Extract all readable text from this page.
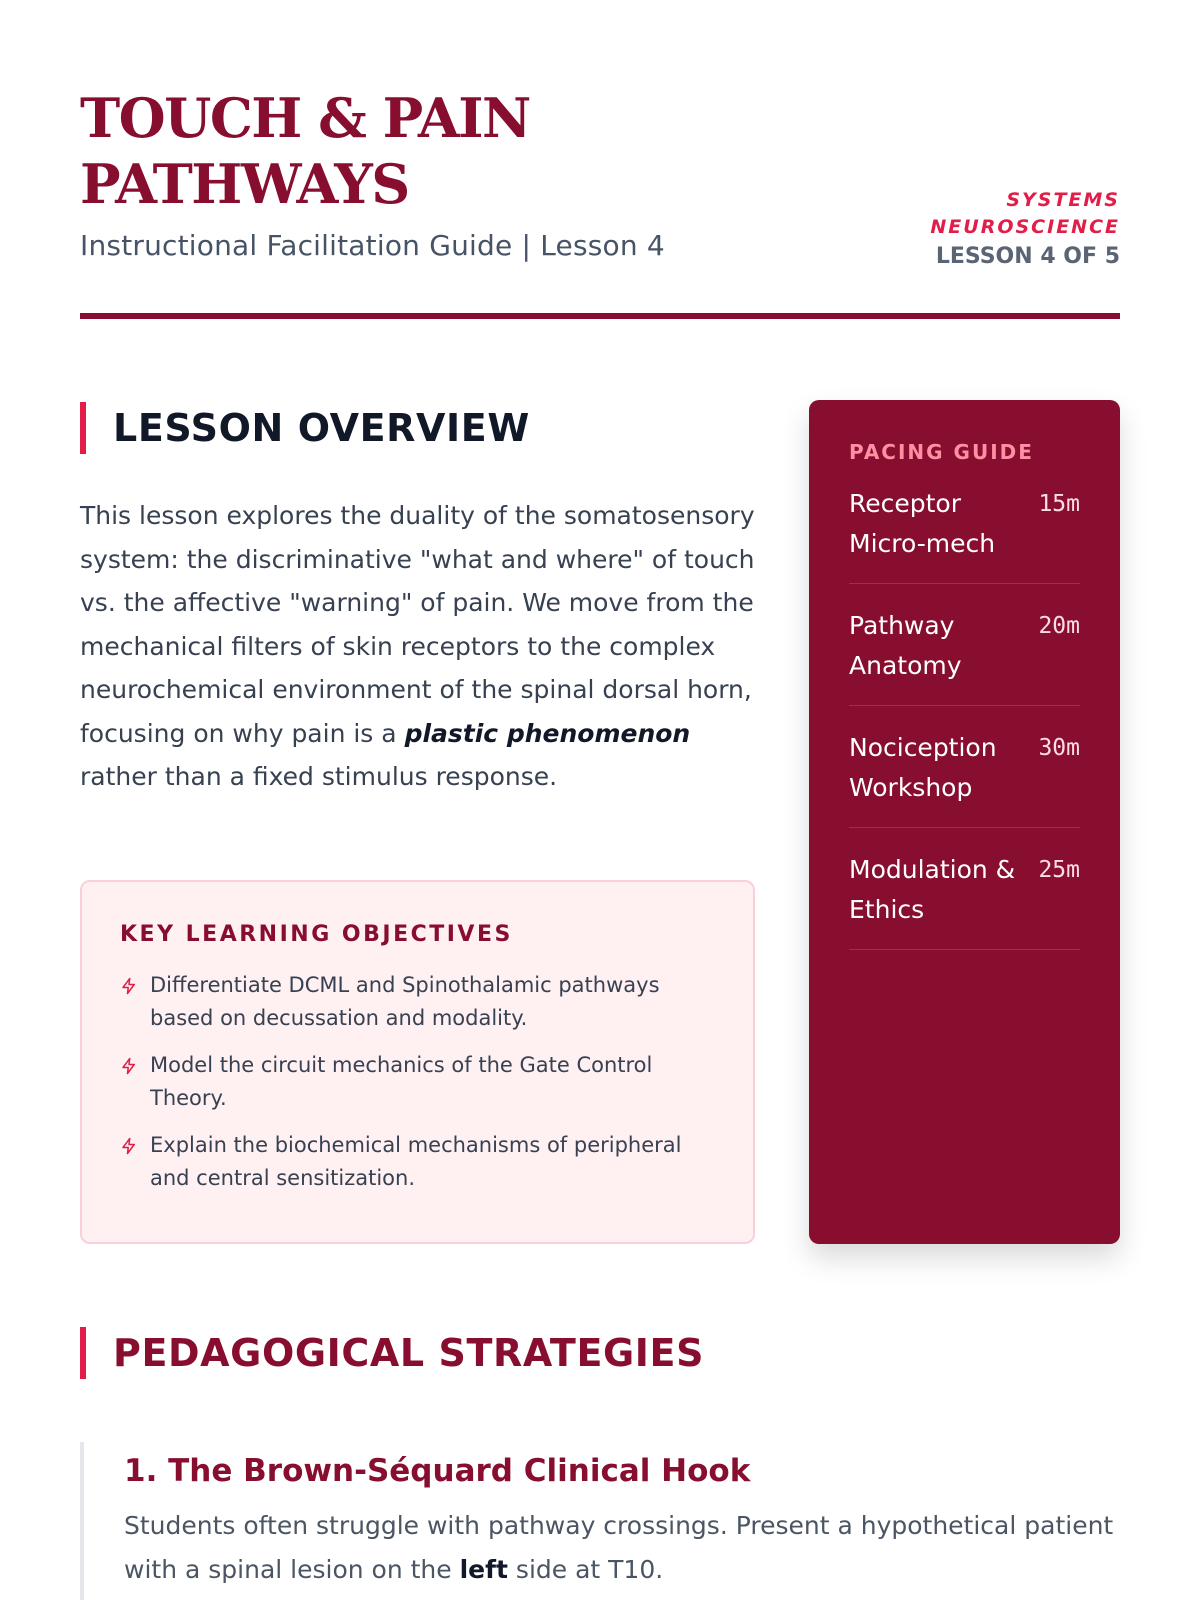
TOUCH & PAIN
PATHWAYS
Instructional Facilitation Guide | Lesson 4
SYSTEMS
NEUROSCIENCE
LESSON 4 OF 5
LESSON OVERVIEW

This lesson explores the duality of the somatosensory system: the discriminative "what and where" of touch vs. the affective "warning" of pain. We move from the mechanical filters of skin receptors to the complex neurochemical environment of the spinal dorsal horn, focusing on why pain is a plastic phenomenon rather than a fixed stimulus response.

KEY LEARNING OBJECTIVES
Differentiate DCML and Spinothalamic pathways based on decussation and modality.
Model the circuit mechanics of the Gate Control Theory.
Explain the biochemical mechanisms of peripheral and central sensitization.
PACING GUIDE
Receptor Micro-mech
15m
Pathway Anatomy
20m
Nociception Workshop
30m
Modulation & Ethics
25m
PEDAGOGICAL STRATEGIES
1. The Brown-Séquard Clinical Hook

Students often struggle with pathway crossings. Present a hypothetical patient with a spinal lesion on the left side at T10.
